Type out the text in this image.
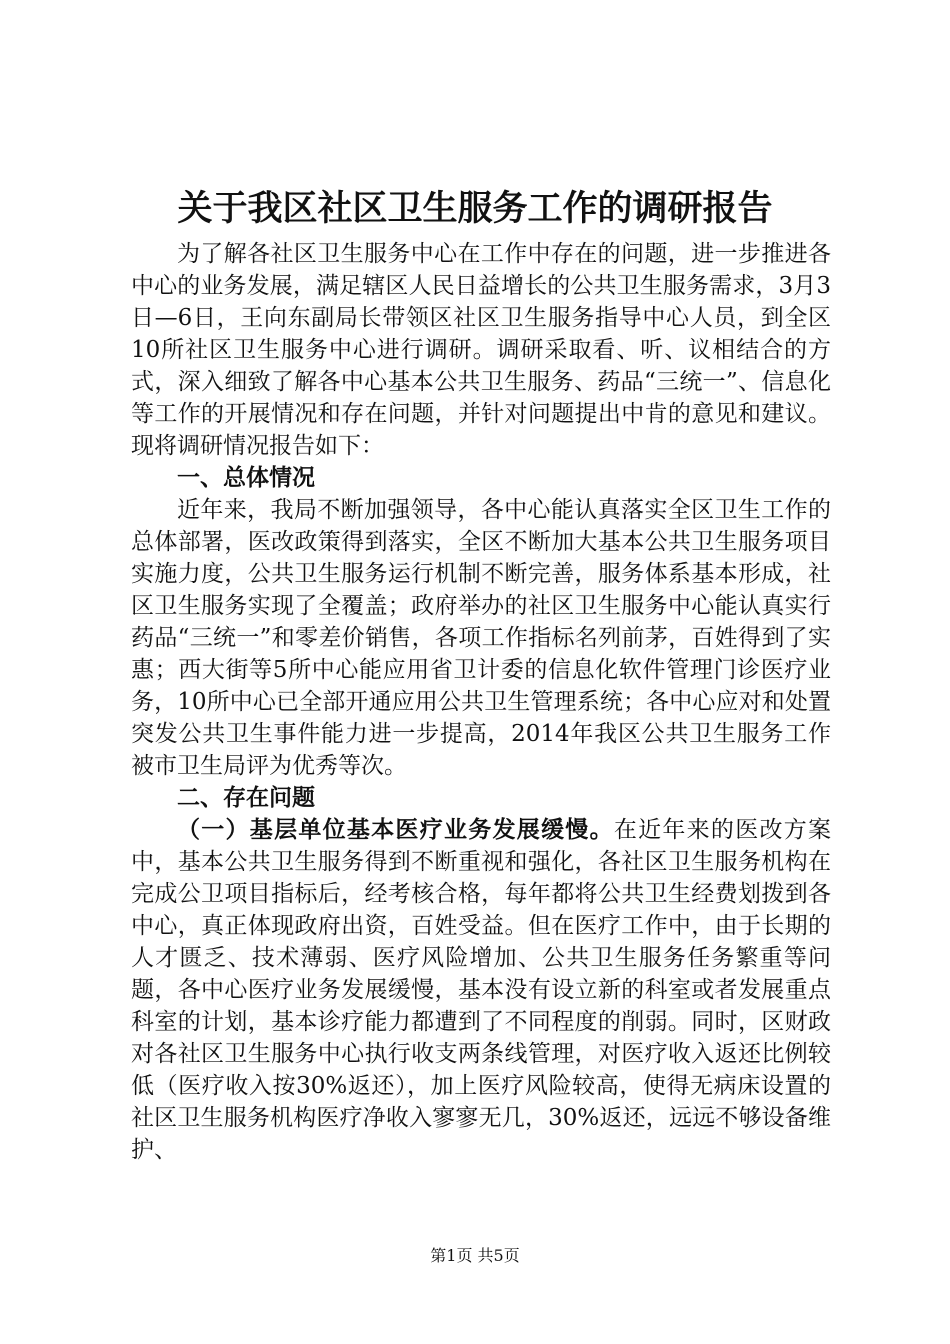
关于我区社区卫生服务工作的调研报告

为了解各社区卫生服务中心在工作中存在的问题，进一步推进各中心的业务发展，满足辖区人民日益增长的公共卫生服务需求，3月3日—6日，王向东副局长带领区社区卫生服务指导中心人员，到全区10所社区卫生服务中心进行调研。调研采取看、听、议相结合的方式，深入细致了解各中心基本公共卫生服务、药品“三统一”、信息化等工作的开展情况和存在问题，并针对问题提出中肯的意见和建议。现将调研情况报告如下：

一、总体情况

近年来，我局不断加强领导，各中心能认真落实全区卫生工作的总体部署，医改政策得到落实，全区不断加大基本公共卫生服务项目实施力度，公共卫生服务运行机制不断完善，服务体系基本形成，社区卫生服务实现了全覆盖；政府举办的社区卫生服务中心能认真实行药品“三统一”和零差价销售，各项工作指标名列前茅，百姓得到了实惠；西大街等5所中心能应用省卫计委的信息化软件管理门诊医疗业务，10所中心已全部开通应用公共卫生管理系统；各中心应对和处置突发公共卫生事件能力进一步提高，2014年我区公共卫生服务工作被市卫生局评为优秀等次。

二、存在问题

（一）基层单位基本医疗业务发展缓慢。在近年来的医改方案中，基本公共卫生服务得到不断重视和强化，各社区卫生服务机构在完成公卫项目指标后，经考核合格，每年都将公共卫生经费划拨到各中心，真正体现政府出资，百姓受益。但在医疗工作中，由于长期的人才匮乏、技术薄弱、医疗风险增加、公共卫生服务任务繁重等问题，各中心医疗业务发展缓慢，基本没有设立新的科室或者发展重点科室的计划，基本诊疗能力都遭到了不同程度的削弱。同时，区财政对各社区卫生服务中心执行收支两条线管理，对医疗收入返还比例较低（医疗收入按30%返还），加上医疗风险较高，使得无病床设置的社区卫生服务机构医疗净收入寥寥无几，30%返还，远远不够设备维护、

第1页 共5页
